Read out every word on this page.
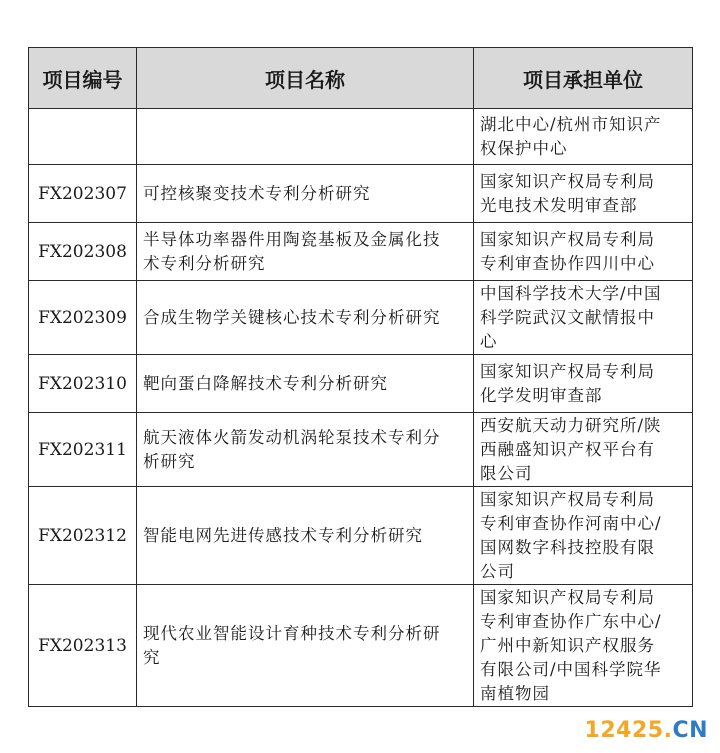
项目编号	项目名称	项目承担单位
		湖北中心/杭州市知识产
权保护中心
FX202307	可控核聚变技术专利分析研究	国家知识产权局专利局
光电技术发明审查部
FX202308	半导体功率器件用陶瓷基板及金属化技
术专利分析研究	国家知识产权局专利局
专利审查协作四川中心
FX202309	合成生物学关键核心技术专利分析研究	中国科学技术大学/中国
科学院武汉文献情报中
心
FX202310	靶向蛋白降解技术专利分析研究	国家知识产权局专利局
化学发明审查部
FX202311	航天液体火箭发动机涡轮泵技术专利分
析研究	西安航天动力研究所/陕
西融盛知识产权平台有
限公司
FX202312	智能电网先进传感技术专利分析研究	国家知识产权局专利局
专利审查协作河南中心/
国网数字科技控股有限
公司
FX202313	现代农业智能设计育种技术专利分析研
究	国家知识产权局专利局
专利审查协作广东中心/
广州中新知识产权服务
有限公司/中国科学院华
南植物园
12425.CN
